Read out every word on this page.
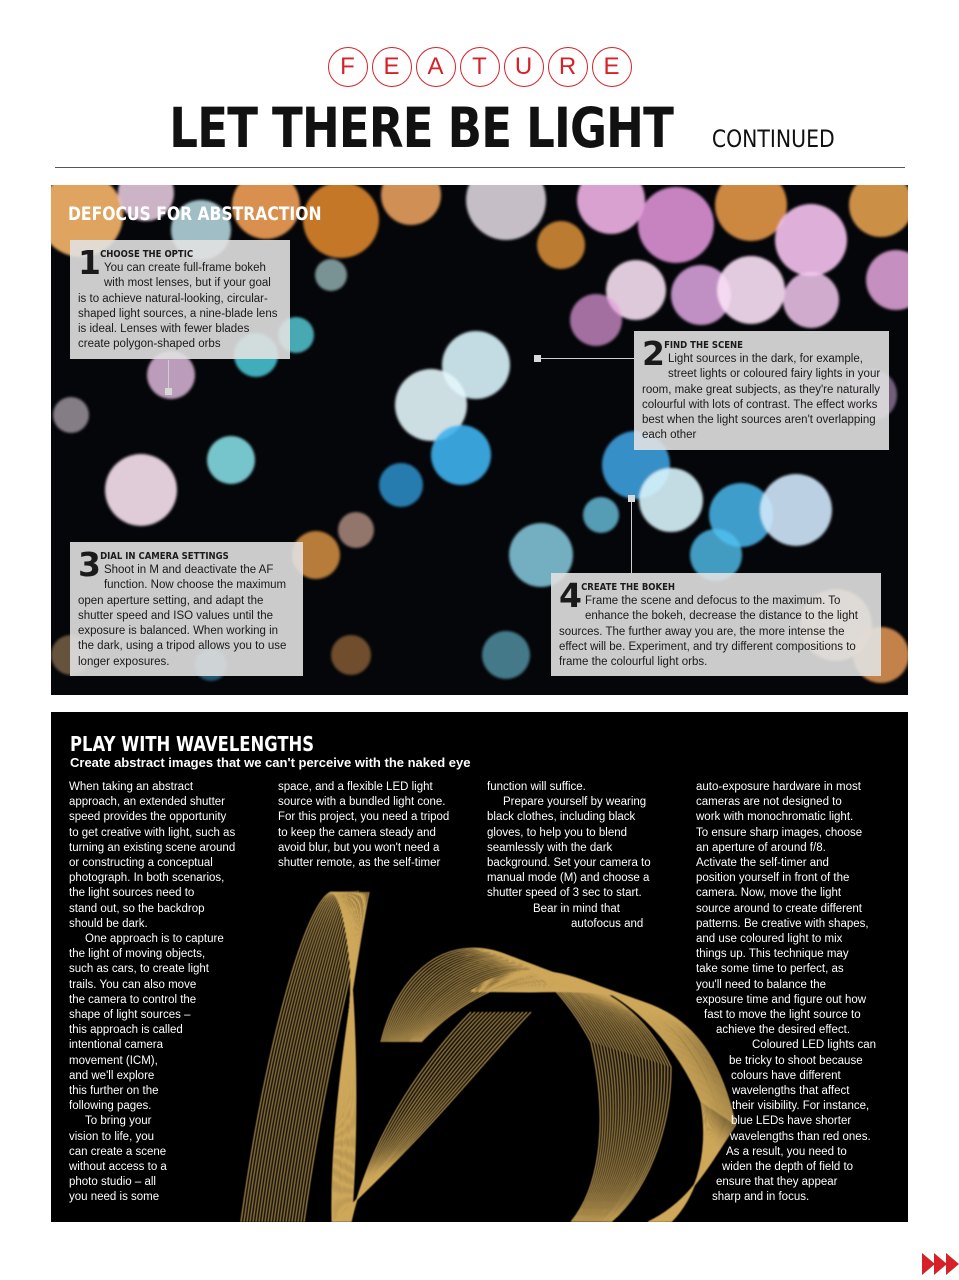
F	E	A	T	U	R	E
LET THERE BE LIGHT CONTINUED
DEFOCUS FOR ABSTRACTION
1 CHOOSE THE OPTIC
You can create full-frame bokeh with most lenses, but if your goal is to achieve natural-looking, circular-shaped light sources, a nine-blade lens is ideal. Lenses with fewer blades create polygon-shaped orbs	2 FIND THE SCENE
Light sources in the dark, for example, street lights or coloured fairy lights in your room, make great subjects, as they're naturally colourful with lots of contrast. The effect works best when the light sources aren't overlapping each other
3 DIAL IN CAMERA SETTINGS
Shoot in M and deactivate the AF function. Now choose the maximum open aperture setting, and adapt the shutter speed and ISO values until the exposure is balanced. When working in the dark, using a tripod allows you to use longer exposures.
4 CREATE THE BOKEH
Frame the scene and defocus to the maximum. To enhance the bokeh, decrease the distance to the light sources. The further away you are, the more intense the effect will be. Experiment, and try different compositions to frame the colourful light orbs.
PLAY WITH WAVELENGTHS
Create abstract images that we can't perceive with the naked eye
When taking an abstract
approach, an extended shutter
speed provides the opportunity
to get creative with light, such as
turning an existing scene around
or constructing a conceptual
photograph. In both scenarios,
the light sources need to
stand out, so the backdrop
should be dark.
One approach is to capture
the light of moving objects,
such as cars, to create light
trails. You can also move
the camera to control the
shape of light sources –
this approach is called
intentional camera
movement (ICM),
and we'll explore
this further on the
following pages.
To bring your
vision to life, you
can create a scene
without access to a
photo studio – all
you need is some
space, and a flexible LED light
source with a bundled light cone.
For this project, you need a tripod
to keep the camera steady and
avoid blur, but you won't need a
shutter remote, as the self-timer
function will suffice.
Prepare yourself by wearing
black clothes, including black
gloves, to help you to blend
seamlessly with the dark
background. Set your camera to
manual mode (M) and choose a
shutter speed of 3 sec to start.
Bear in mind that
autofocus and
auto-exposure hardware in most
cameras are not designed to
work with monochromatic light.
To ensure sharp images, choose
an aperture of around f/8.
Activate the self-timer and
position yourself in front of the
camera. Now, move the light
source around to create different
patterns. Be creative with shapes,
and use coloured light to mix
things up. This technique may
take some time to perfect, as
you'll need to balance the
exposure time and figure out how
fast to move the light source to
achieve the desired effect.
Coloured LED lights can
be tricky to shoot because
colours have different
wavelengths that affect
their visibility. For instance,
blue LEDs have shorter
wavelengths than red ones.
As a result, you need to
widen the depth of field to
ensure that they appear
sharp and in focus.
